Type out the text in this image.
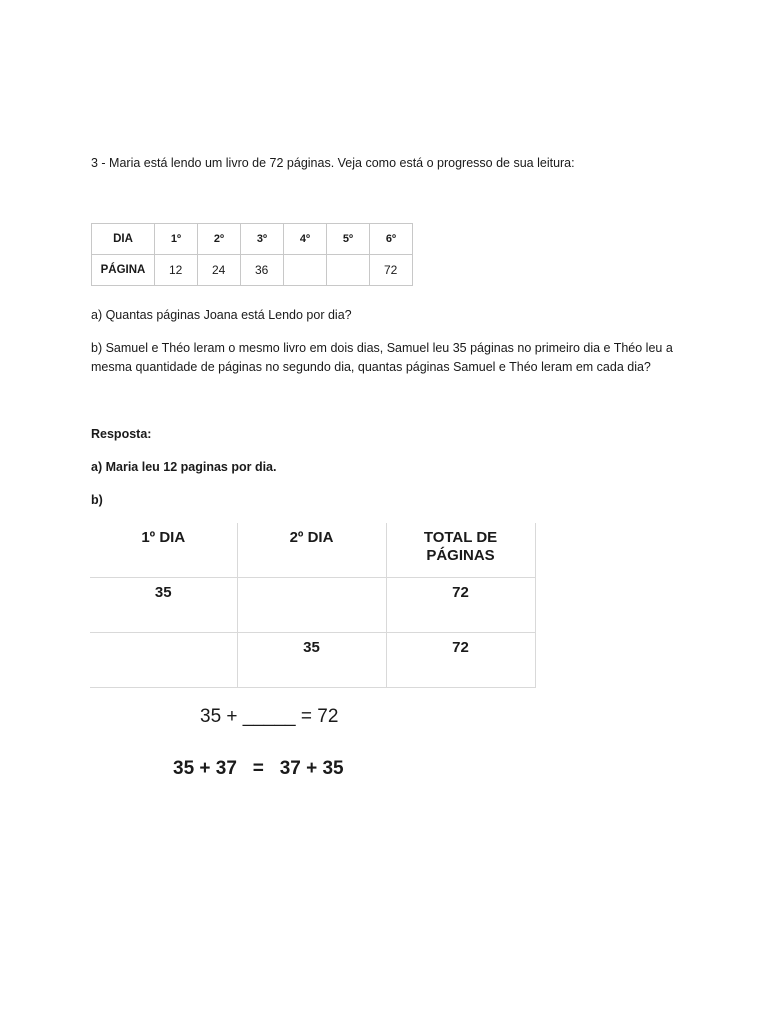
3 - Maria está lendo um livro de 72 páginas. Veja como está o progresso de sua leitura:
DIA	1º	2º	3º	4º	5º	6º
PÁGINA	12	24	36			72
a) Quantas páginas Joana está Lendo por dia?
b) Samuel e Théo leram o mesmo livro em dois dias, Samuel leu 35 páginas no primeiro dia e Théo leu a
mesma quantidade de páginas no segundo dia, quantas páginas Samuel e Théo leram em cada dia?
Resposta:
a) Maria leu 12 paginas por dia.
b)
1º DIA	2º DIA	TOTAL DE PÁGINAS
35		72
	35	72
35 + _____ = 72
35 + 37   =   37 + 35
